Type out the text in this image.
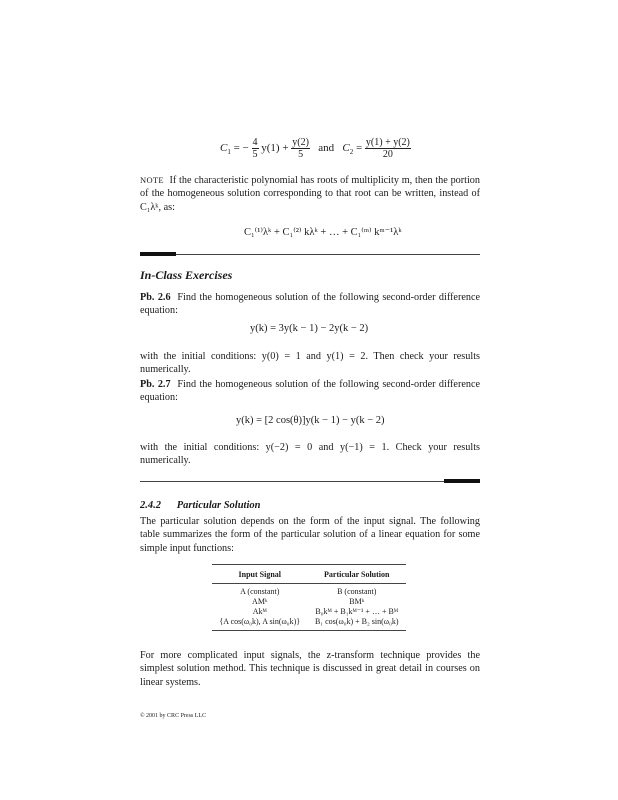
$C_1$ = − $\frac{4}{5} y(1) + \frac{y(2)}{5}$ and $C_2 = \frac{y(1) + y(2)}{20}$
NOTE If the characteristic polynomial has roots of multiplicity m, then the portion of the homogeneous solution corresponding to that root can be written, instead of C₁λᵏ, as:
C₁⁽¹⁾λᵏ + C₁⁽²⁾ kλᵏ + … + C₁⁽ᵐ⁾ kᵐ⁻¹λᵏ
In-Class Exercises
Pb. 2.6 Find the homogeneous solution of the following second-order difference equation:
y(k) = 3y(k − 1) − 2y(k − 2)
with the initial conditions: y(0) = 1 and y(1) = 2. Then check your results numerically.
Pb. 2.7 Find the homogeneous solution of the following second-order difference equation:
y(k) = [2 cos(θ)]y(k − 1) − y(k − 2)
with the initial conditions: y(−2) = 0 and y(−1) = 1. Check your results numerically.
2.4.2 Particular Solution
The particular solution depends on the form of the input signal. The following table summarizes the form of the particular solution of a linear equation for some simple input functions:
Input Signal	Particular Solution
A (constant)	B (constant)
AMᵏ	BMᵏ
Akᴹ	B₀kᴹ + B₁kᴹ⁻¹ + … + Bᴹ
{A cos(ω₀k), A sin(ω₀k)}	B₁ cos(ω₀k) + B₂ sin(ω₀k)
For more complicated input signals, the z-transform technique provides the simplest solution method. This technique is discussed in great detail in courses on linear systems.
© 2001 by CRC Press LLC
